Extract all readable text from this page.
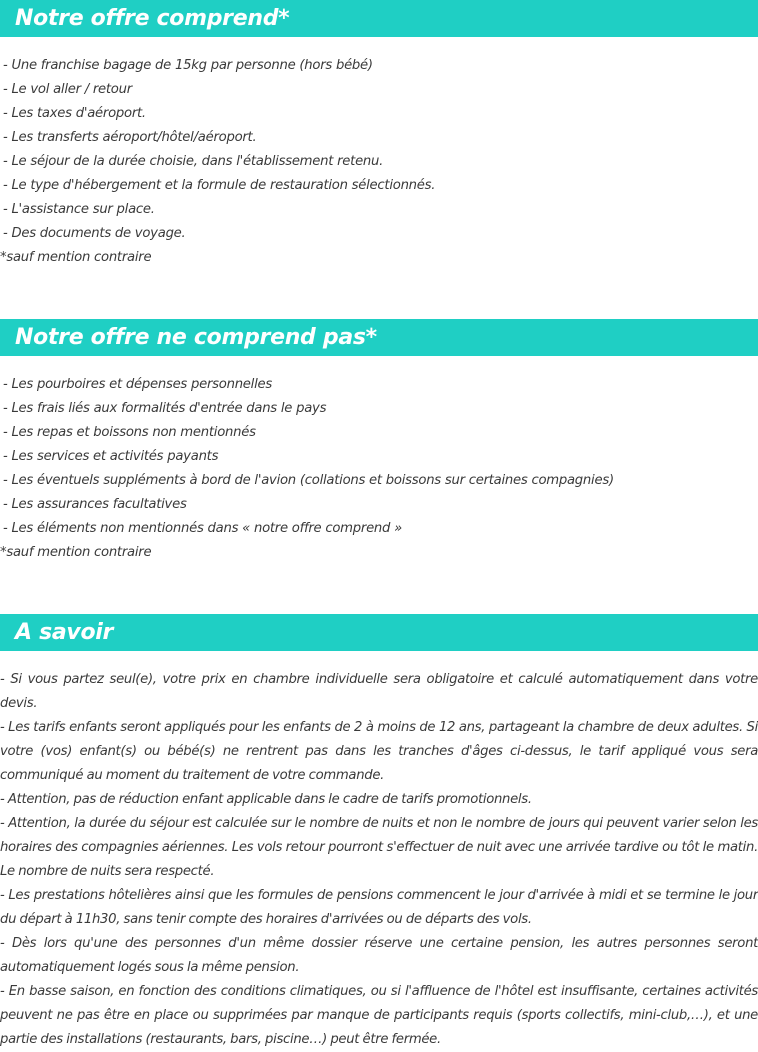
Notre offre comprend*
- Une franchise bagage de 15kg par personne (hors bébé)
- Le vol aller / retour
- Les taxes d'aéroport.
- Les transferts aéroport/hôtel/aéroport.
- Le séjour de la durée choisie, dans l'établissement retenu.
- Le type d'hébergement et la formule de restauration sélectionnés.
- L'assistance sur place.
- Des documents de voyage.
*sauf mention contraire
Notre offre ne comprend pas*
- Les pourboires et dépenses personnelles
- Les frais liés aux formalités d'entrée dans le pays
- Les repas et boissons non mentionnés
- Les services et activités payants
- Les éventuels suppléments à bord de l'avion (collations et boissons sur certaines compagnies)
- Les assurances facultatives
- Les éléments non mentionnés dans « notre offre comprend »
*sauf mention contraire
A savoir

- Si vous partez seul(e), votre prix en chambre individuelle sera obligatoire et calculé automatiquement dans votre devis.

- Les tarifs enfants seront appliqués pour les enfants de 2 à moins de 12 ans, partageant la chambre de deux adultes. Si votre (vos) enfant(s) ou bébé(s) ne rentrent pas dans les tranches d'âges ci-dessus, le tarif appliqué vous sera communiqué au moment du traitement de votre commande.

- Attention, pas de réduction enfant applicable dans le cadre de tarifs promotionnels.

- Attention, la durée du séjour est calculée sur le nombre de nuits et non le nombre de jours qui peuvent varier selon les horaires des compagnies aériennes. Les vols retour pourront s'effectuer de nuit avec une arrivée tardive ou tôt le matin. Le nombre de nuits sera respecté.

- Les prestations hôtelières ainsi que les formules de pensions commencent le jour d'arrivée à midi et se termine le jour du départ à 11h30, sans tenir compte des horaires d'arrivées ou de départs des vols.

- Dès lors qu'une des personnes d'un même dossier réserve une certaine pension, les autres personnes seront automatiquement logés sous la même pension.

- En basse saison, en fonction des conditions climatiques, ou si l'affluence de l'hôtel est insuffisante, certaines activités peuvent ne pas être en place ou supprimées par manque de participants requis (sports collectifs, mini-club,…), et une partie des installations (restaurants, bars, piscine…) peut être fermée.
